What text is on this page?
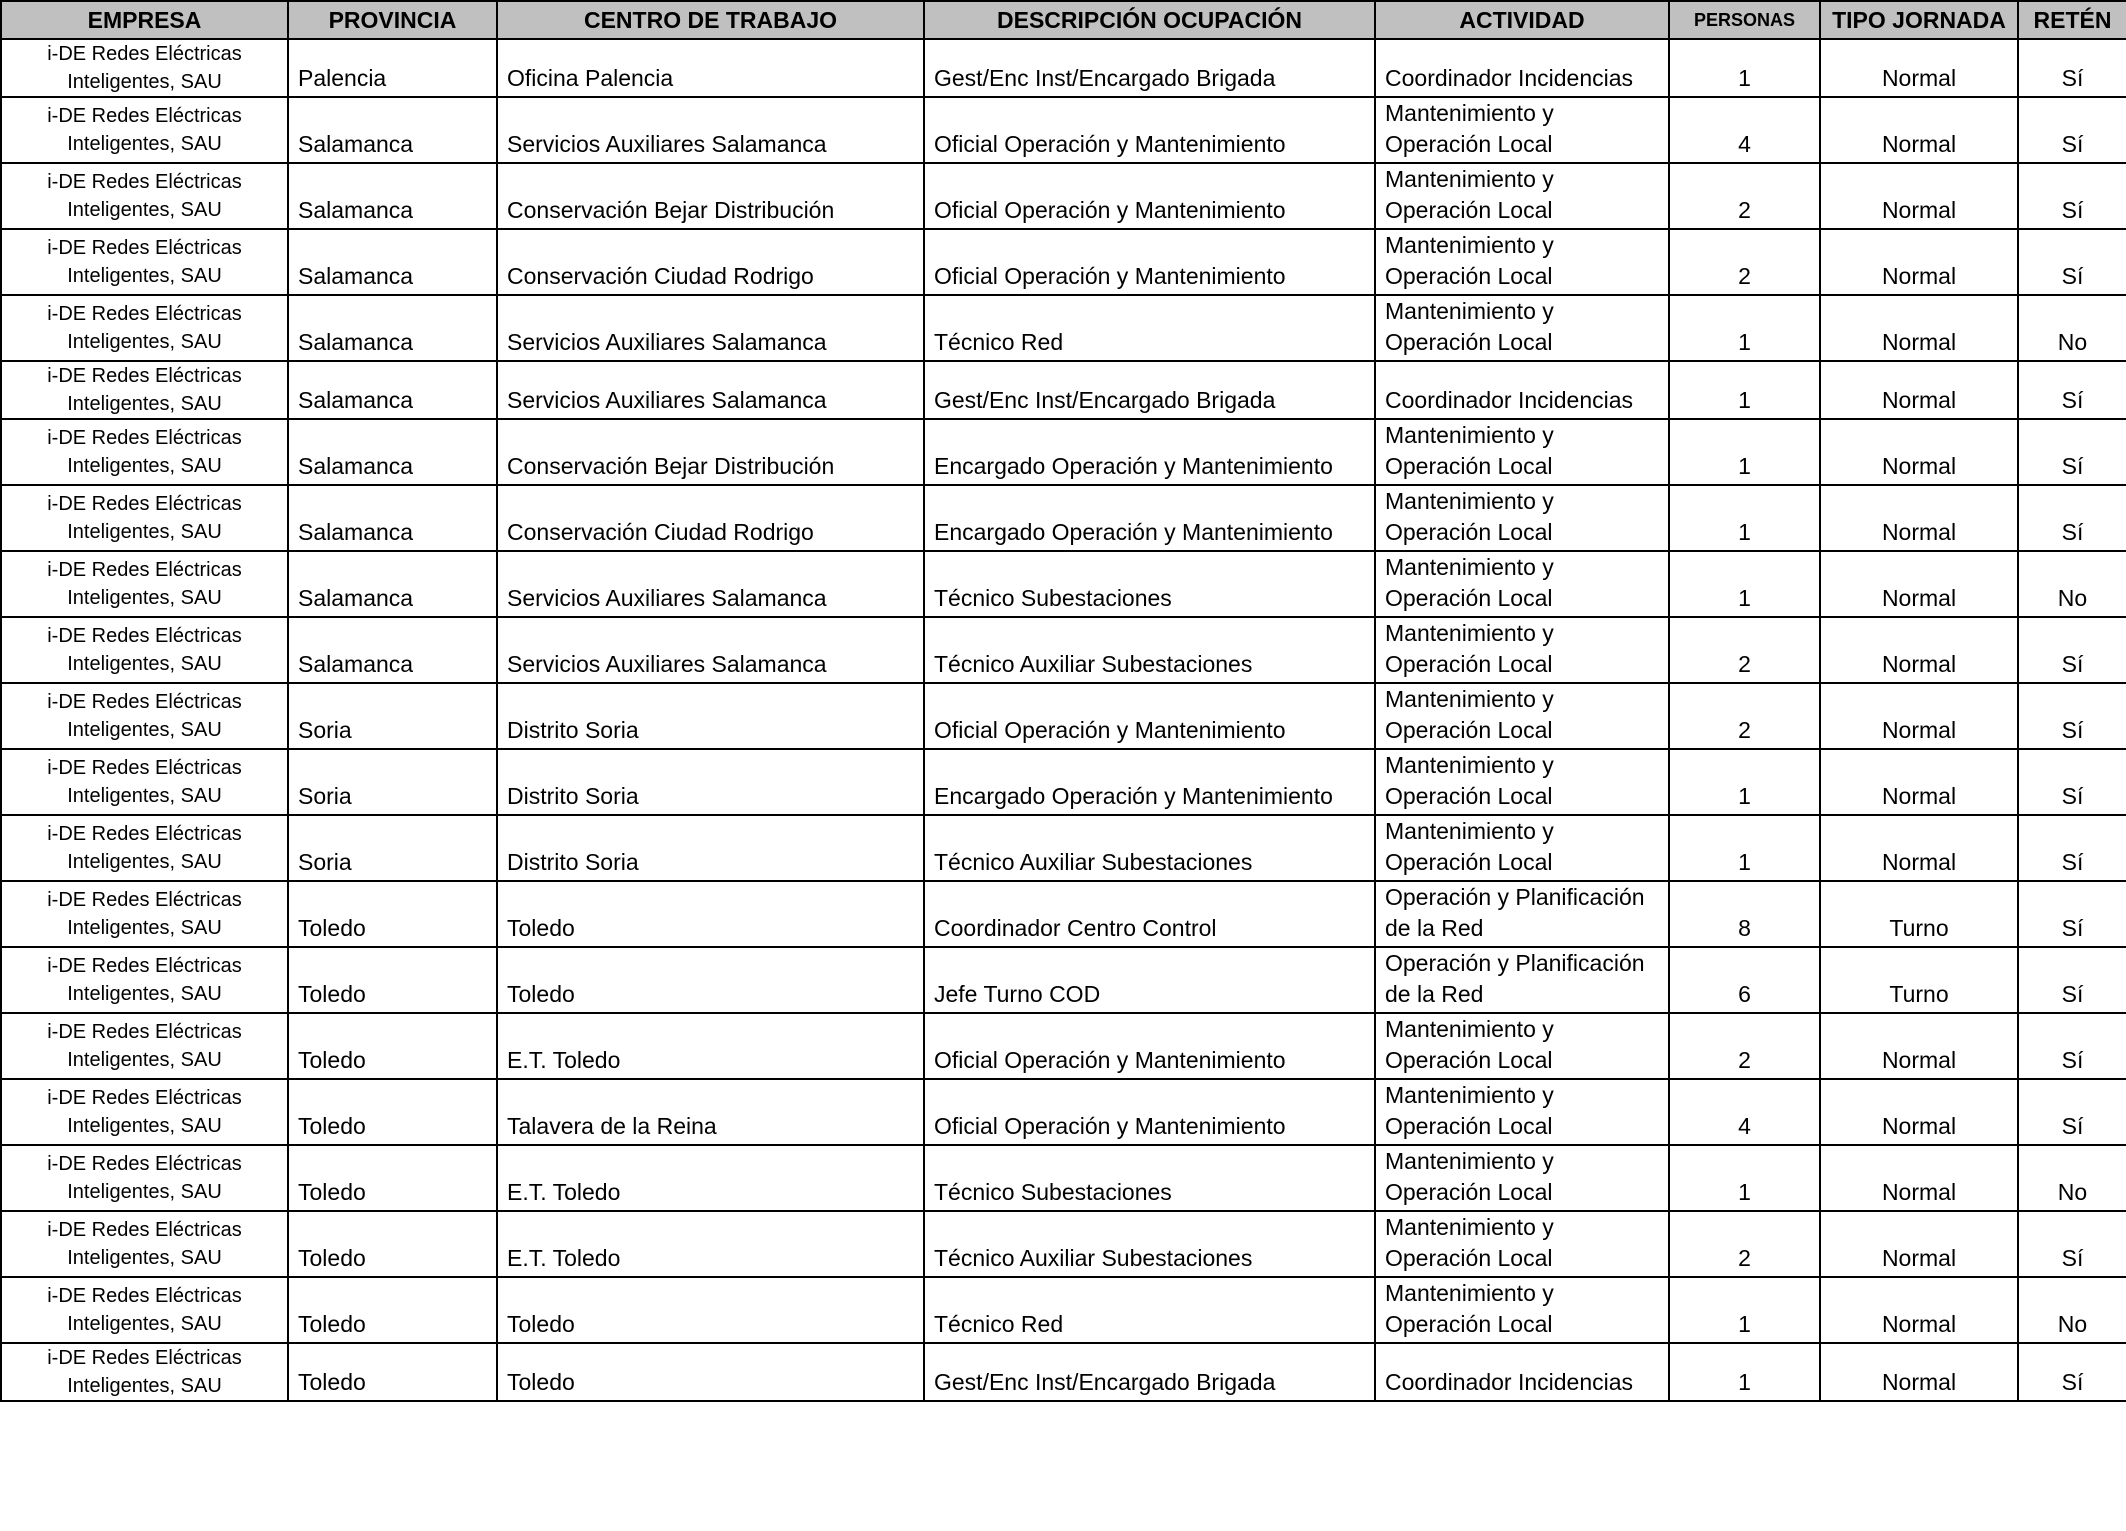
EMPRESA	PROVINCIA	CENTRO DE TRABAJO	DESCRIPCIÓN OCUPACIÓN	ACTIVIDAD	PERSONAS	TIPO JORNADA	RETÉN

i-DE Redes Eléctricas
Inteligentes, SAU	Palencia	Oficina Palencia	Gest/Enc Inst/Encargado Brigada	Coordinador Incidencias	1	Normal	Sí

i-DE Redes Eléctricas
Inteligentes, SAU	Salamanca	Servicios Auxiliares Salamanca	Oficial Operación y Mantenimiento	Mantenimiento y
Operación Local	4	Normal	Sí

i-DE Redes Eléctricas
Inteligentes, SAU	Salamanca	Conservación Bejar Distribución	Oficial Operación y Mantenimiento	Mantenimiento y
Operación Local	2	Normal	Sí

i-DE Redes Eléctricas
Inteligentes, SAU	Salamanca	Conservación Ciudad Rodrigo	Oficial Operación y Mantenimiento	Mantenimiento y
Operación Local	2	Normal	Sí

i-DE Redes Eléctricas
Inteligentes, SAU	Salamanca	Servicios Auxiliares Salamanca	Técnico Red	Mantenimiento y
Operación Local	1	Normal	No

i-DE Redes Eléctricas
Inteligentes, SAU	Salamanca	Servicios Auxiliares Salamanca	Gest/Enc Inst/Encargado Brigada	Coordinador Incidencias	1	Normal	Sí

i-DE Redes Eléctricas
Inteligentes, SAU	Salamanca	Conservación Bejar Distribución	Encargado Operación y Mantenimiento	Mantenimiento y
Operación Local	1	Normal	Sí

i-DE Redes Eléctricas
Inteligentes, SAU	Salamanca	Conservación Ciudad Rodrigo	Encargado Operación y Mantenimiento	Mantenimiento y
Operación Local	1	Normal	Sí

i-DE Redes Eléctricas
Inteligentes, SAU	Salamanca	Servicios Auxiliares Salamanca	Técnico Subestaciones	Mantenimiento y
Operación Local	1	Normal	No

i-DE Redes Eléctricas
Inteligentes, SAU	Salamanca	Servicios Auxiliares Salamanca	Técnico Auxiliar Subestaciones	Mantenimiento y
Operación Local	2	Normal	Sí

i-DE Redes Eléctricas
Inteligentes, SAU	Soria	Distrito Soria	Oficial Operación y Mantenimiento	Mantenimiento y
Operación Local	2	Normal	Sí

i-DE Redes Eléctricas
Inteligentes, SAU	Soria	Distrito Soria	Encargado Operación y Mantenimiento	Mantenimiento y
Operación Local	1	Normal	Sí

i-DE Redes Eléctricas
Inteligentes, SAU	Soria	Distrito Soria	Técnico Auxiliar Subestaciones	Mantenimiento y
Operación Local	1	Normal	Sí

i-DE Redes Eléctricas
Inteligentes, SAU	Toledo	Toledo	Coordinador Centro Control	Operación y Planificación
de la Red	8	Turno	Sí

i-DE Redes Eléctricas
Inteligentes, SAU	Toledo	Toledo	Jefe Turno COD	Operación y Planificación
de la Red	6	Turno	Sí

i-DE Redes Eléctricas
Inteligentes, SAU	Toledo	E.T. Toledo	Oficial Operación y Mantenimiento	Mantenimiento y
Operación Local	2	Normal	Sí

i-DE Redes Eléctricas
Inteligentes, SAU	Toledo	Talavera de la Reina	Oficial Operación y Mantenimiento	Mantenimiento y
Operación Local	4	Normal	Sí

i-DE Redes Eléctricas
Inteligentes, SAU	Toledo	E.T. Toledo	Técnico Subestaciones	Mantenimiento y
Operación Local	1	Normal	No

i-DE Redes Eléctricas
Inteligentes, SAU	Toledo	E.T. Toledo	Técnico Auxiliar Subestaciones	Mantenimiento y
Operación Local	2	Normal	Sí

i-DE Redes Eléctricas
Inteligentes, SAU	Toledo	Toledo	Técnico Red	Mantenimiento y
Operación Local	1	Normal	No

i-DE Redes Eléctricas
Inteligentes, SAU	Toledo	Toledo	Gest/Enc Inst/Encargado Brigada	Coordinador Incidencias	1	Normal	Sí
